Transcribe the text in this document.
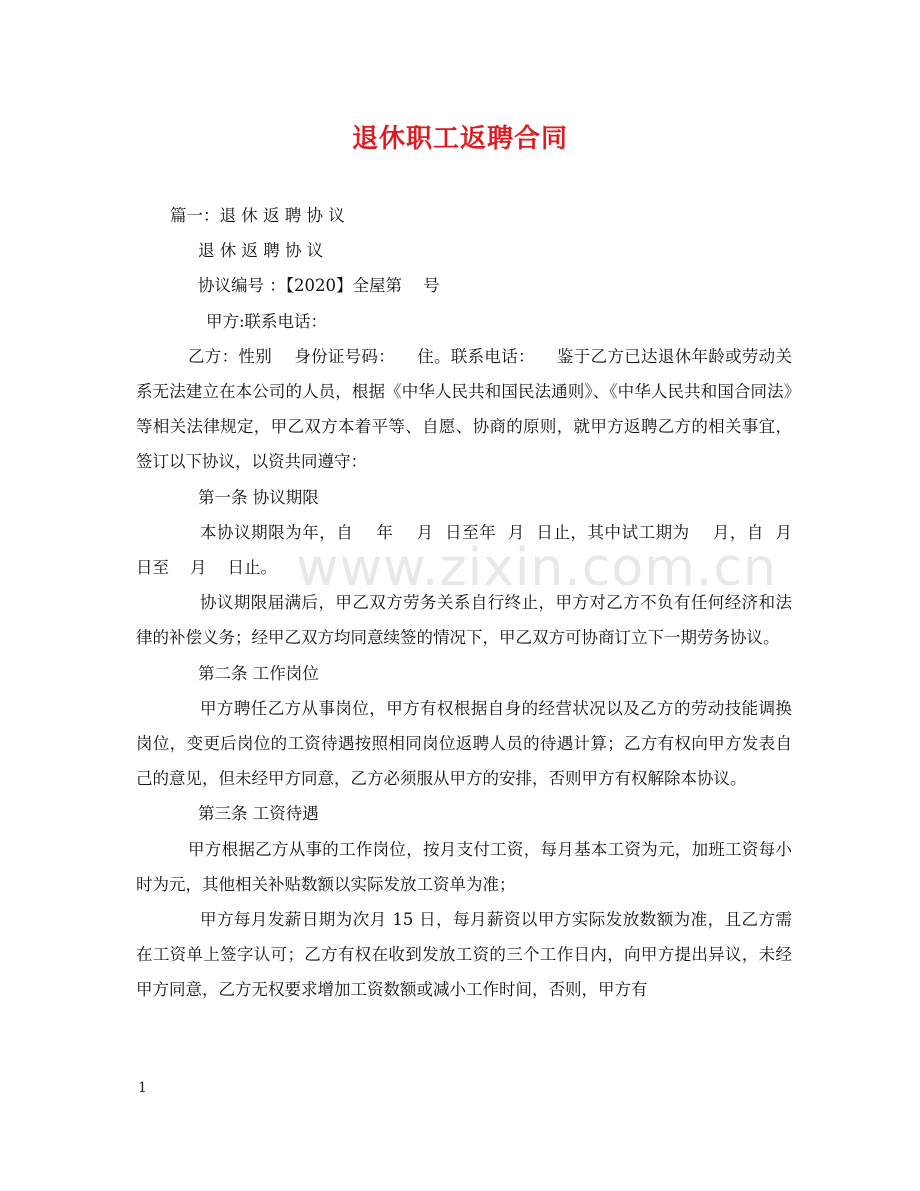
退休职工返聘合同

篇一：退 休 返 聘 协 议

退 休 返 聘 协 议

协议编号 ：【2020】全屋第    号

甲方:联系电话：

乙方：性别    身份证号码：    住。联系电话：    鉴于乙方已达退休年龄或劳动关系无法建立在本公司的人员，根据《中华人民共和国民法通则》、《中华人民共和国合同法》等相关法律规定，甲乙双方本着平等、自愿、协商的原则，就甲方返聘乙方的相关事宜，签订以下协议，以资共同遵守：

第一条 协议期限

本协议期限为年，自    年    月  日至年  月  日止，其中试工期为    月，自  月  日至    月    日止。

协议期限届满后，甲乙双方劳务关系自行终止，甲方对乙方不负有任何经济和法律的补偿义务；经甲乙双方均同意续签的情况下，甲乙双方可协商订立下一期劳务协议。

第二条 工作岗位

甲方聘任乙方从事岗位，甲方有权根据自身的经营状况以及乙方的劳动技能调换岗位，变更后岗位的工资待遇按照相同岗位返聘人员的待遇计算；乙方有权向甲方发表自己的意见，但未经甲方同意，乙方必须服从甲方的安排，否则甲方有权解除本协议。

第三条 工资待遇

甲方根据乙方从事的工作岗位，按月支付工资，每月基本工资为元，加班工资每小时为元，其他相关补贴数额以实际发放工资单为准；

甲方每月发薪日期为次月 15 日，每月薪资以甲方实际发放数额为准，且乙方需在工资单上签字认可；乙方有权在收到发放工资的三个工作日内，向甲方提出异议，未经甲方同意，乙方无权要求增加工资数额或减小工作时间，否则，甲方有

www.zixin.com.cn
1
